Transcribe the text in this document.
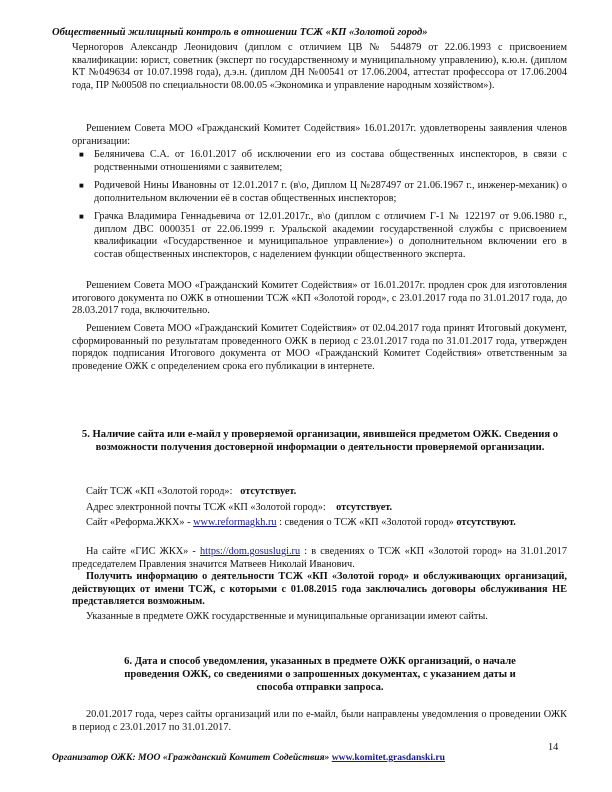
Общественный жилищный контроль в отношении ТСЖ «КП «Золотой город»
Черногоров Александр Леонидович (диплом с отличием ЦВ № 544879 от 22.06.1993 с присвоением квалификации: юрист, советник (эксперт по государственному и муниципальному управлению), к.ю.н. (диплом КТ №049634 от 10.07.1998 года), д.э.н. (диплом ДН №00541 от 17.06.2004, аттестат профессора от 17.06.2004 года, ПР №00508 по специальности 08.00.05 «Экономика и управление народным хозяйством»).
Решением Совета МОО «Гражданский Комитет Содействия» 16.01.2017г. удовлетворены заявления членов организации:
■ Беляничева С.А. от 16.01.2017 об исключении его из состава общественных инспекторов, в связи с родственными отношениями с заявителем;
■ Родичевой Нины Ивановны от 12.01.2017 г. (в\о, Диплом Ц №287497 от 21.06.1967 г., инженер-механик) о дополнительном включении её в состав общественных инспекторов;
■ Грачка Владимира Геннадьевича от 12.01.2017г., в\о (диплом с отличием Г-1 № 122197 от 9.06.1980 г., диплом ДВС 0000351 от 22.06.1999 г. Уральской академии государственной службы с присвоением квалификации «Государственное и муниципальное управление») о дополнительном включении его в состав общественных инспекторов, с наделением функции общественного эксперта.
Решением Совета МОО «Гражданский Комитет Содействия» от 16.01.2017г. продлен срок для изготовления итогового документа по ОЖК в отношении ТСЖ «КП «Золотой город», с 23.01.2017 года по 31.01.2017 года, до 28.03.2017 года, включительно.
Решением Совета МОО «Гражданский Комитет Содействия» от 02.04.2017 года принят Итоговый документ, сформированный по результатам проведенного ОЖК в период с 23.01.2017 года по 31.01.2017 года, утвержден порядок подписания Итогового документа от МОО «Гражданский Комитет Содействия» ответственным за проведение ОЖК с определением срока его публикации в интернете.
5. Наличие сайта или е-майл у проверяемой организации, явившейся предметом ОЖК. Сведения о возможности получения достоверной информации о деятельности проверяемой организации.
Сайт ТСЖ «КП «Золотой город»: отсутствует.
Адрес электронной почты ТСЖ «КП «Золотой город»: отсутствует.
Сайт «Реформа.ЖКХ» - www.reformagkh.ru : сведения о ТСЖ «КП «Золотой город» отсутствуют.
На сайте «ГИС ЖКХ» - https://dom.gosuslugi.ru : в сведениях о ТСЖ «КП «Золотой город» на 31.01.2017 председателем Правления значится Матвеев Николай Иванович.
Получить информацию о деятельности ТСЖ «КП «Золотой город» и обслуживающих организаций, действующих от имени ТСЖ, с которыми с 01.08.2015 года заключались договоры обслуживания НЕ представляется возможным.
Указанные в предмете ОЖК государственные и муниципальные организации имеют сайты.
6. Дата и способ уведомления, указанных в предмете ОЖК организаций, о начале проведения ОЖК, со сведениями о запрошенных документах, с указанием даты и способа отправки запроса.
20.01.2017 года, через сайты организаций или по е-майл, были направлены уведомления о проведении ОЖК в период с 23.01.2017 по 31.01.2017.
14
Организатор ОЖК: МОО «Гражданский Комитет Содействия» www.komitet.grasdanski.ru
